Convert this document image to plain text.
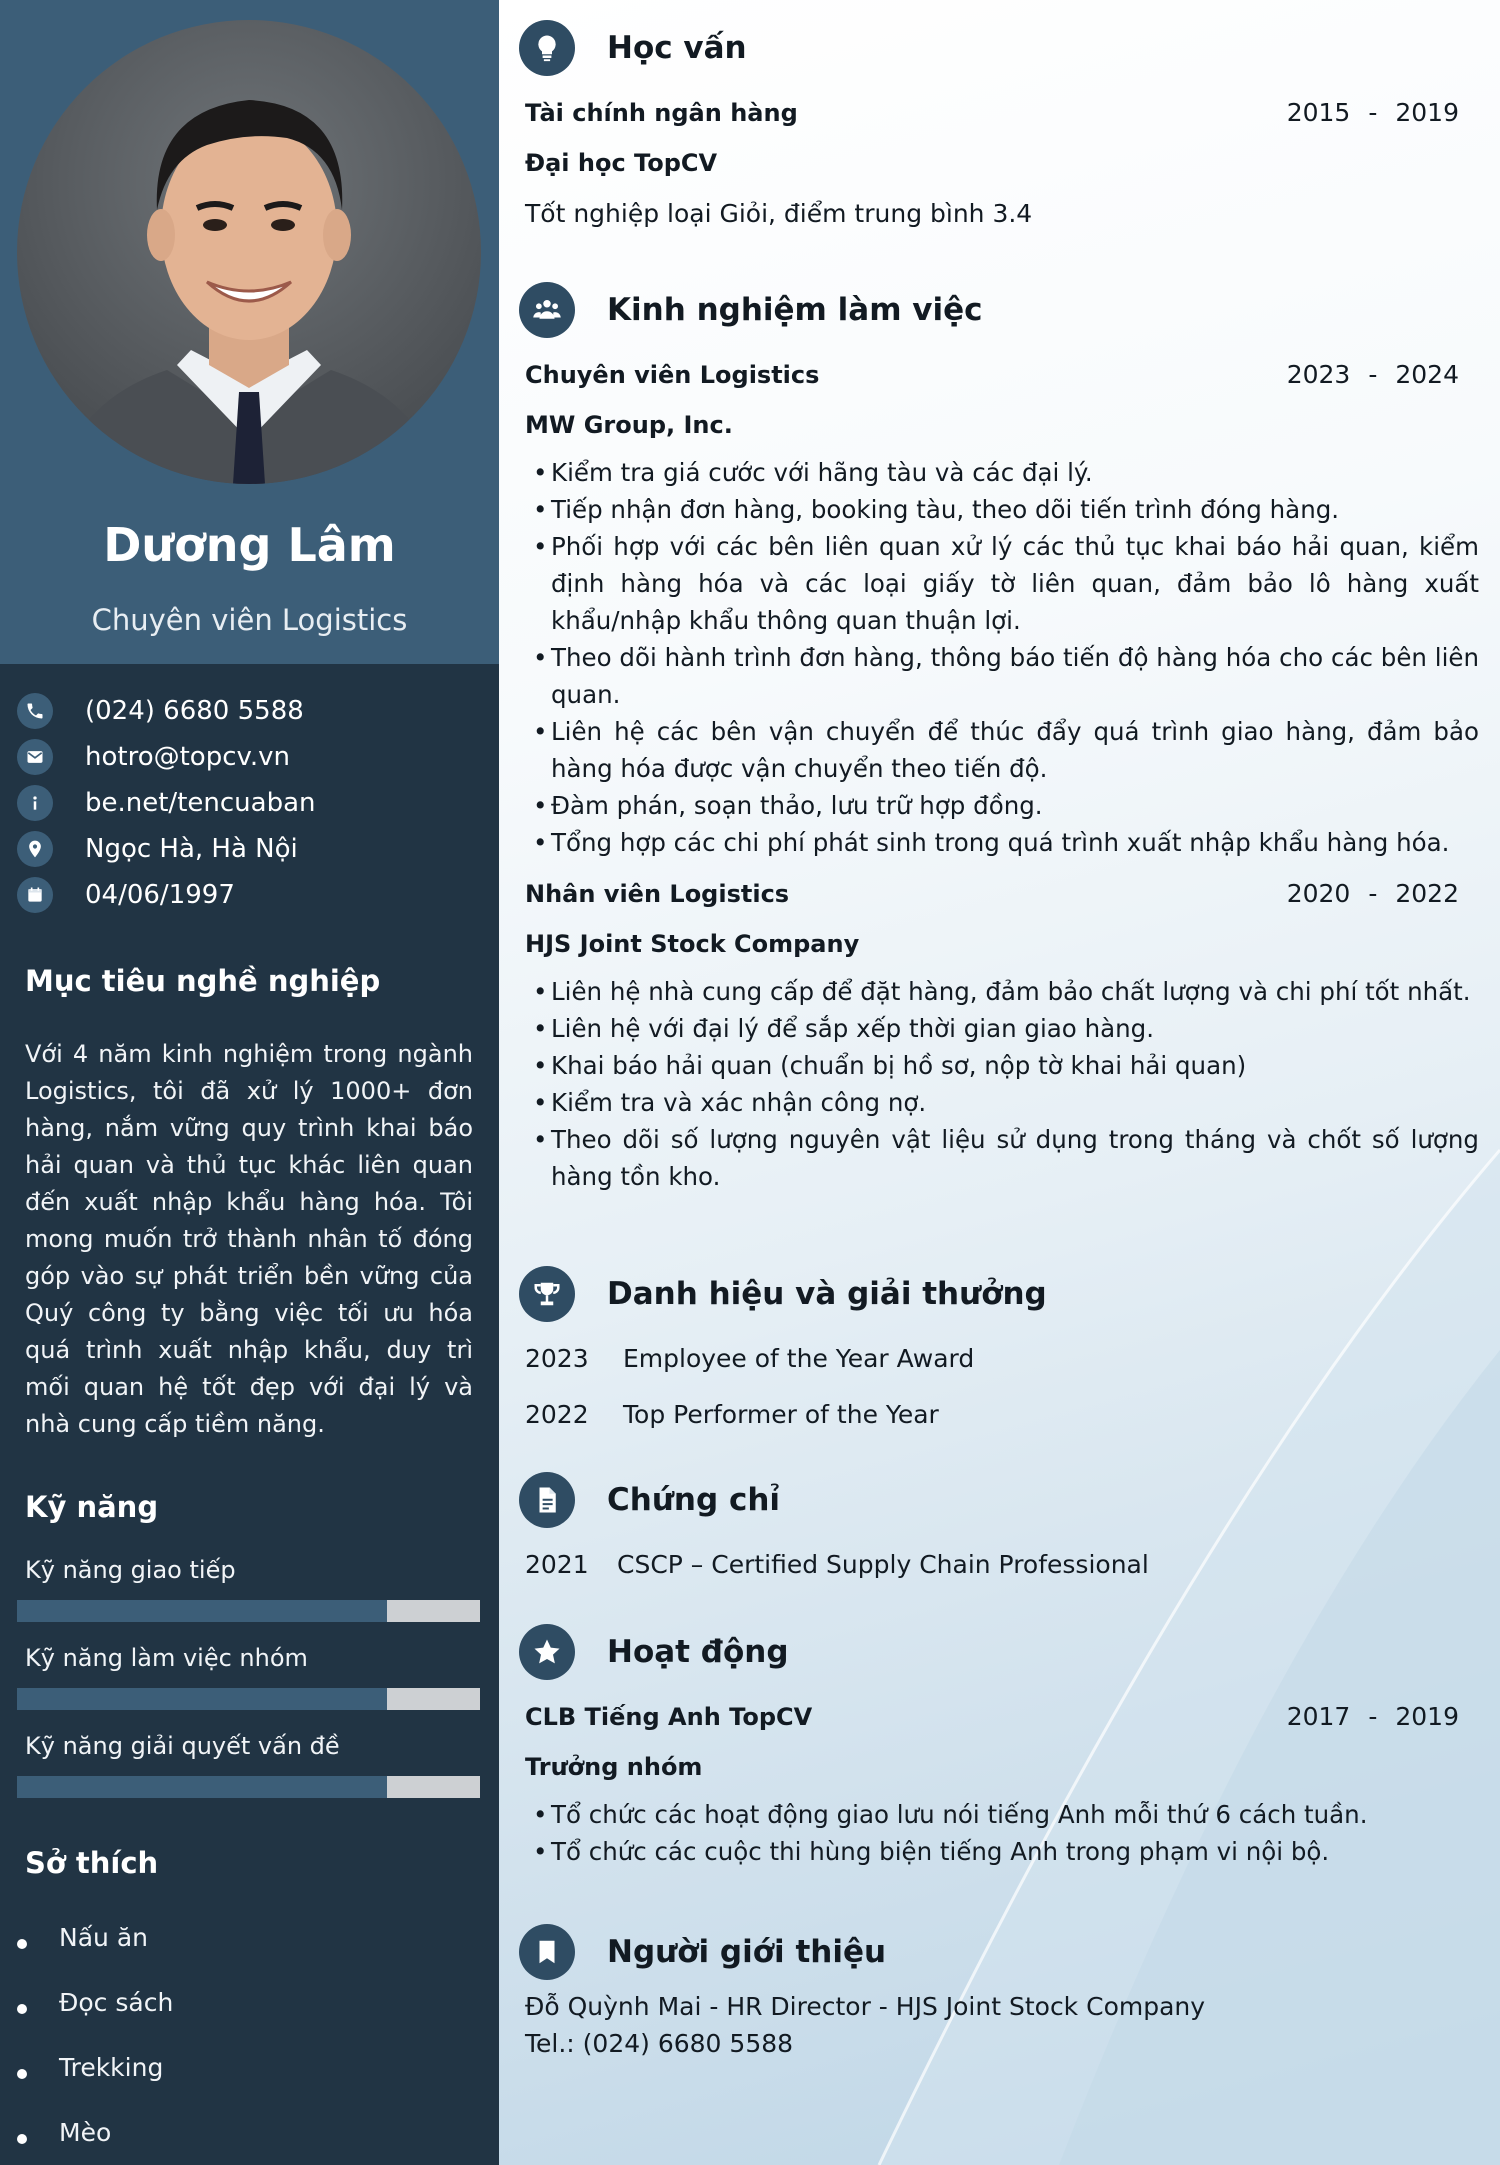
Dương Lâm
Chuyên viên Logistics
(024) 6680 5588
hotro@topcv.vn
be.net/tencuaban
Ngọc Hà, Hà Nội
04/06/1997
Mục tiêu nghề nghiệp
Với 4 năm kinh nghiệm trong ngành Logistics, tôi đã xử lý 1000+ đơn hàng, nắm vững quy trình khai báo hải quan và thủ tục khác liên quan đến xuất nhập khẩu hàng hóa. Tôi mong muốn trở thành nhân tố đóng góp vào sự phát triển bền vững của Quý công ty bằng việc tối ưu hóa quá trình xuất nhập khẩu, duy trì mối quan hệ tốt đẹp với đại lý và nhà cung cấp tiềm năng.
Kỹ năng
Kỹ năng giao tiếp
Kỹ năng làm việc nhóm
Kỹ năng giải quyết vấn đề
Sở thích
Nấu ăn
Đọc sách
Trekking
Mèo
Học vấn
Tài chính ngân hàng	2015 - 2019
Đại học TopCV
Tốt nghiệp loại Giỏi, điểm trung bình 3.4
Kinh nghiệm làm việc
Chuyên viên Logistics	2023 - 2024
MW Group, Inc.
• Kiểm tra giá cước với hãng tàu và các đại lý.
• Tiếp nhận đơn hàng, booking tàu, theo dõi tiến trình đóng hàng.
• Phối hợp với các bên liên quan xử lý các thủ tục khai báo hải quan, kiểm định hàng hóa và các loại giấy tờ liên quan, đảm bảo lô hàng xuất khẩu/nhập khẩu thông quan thuận lợi.
• Theo dõi hành trình đơn hàng, thông báo tiến độ hàng hóa cho các bên liên quan.
• Liên hệ các bên vận chuyển để thúc đẩy quá trình giao hàng, đảm bảo hàng hóa được vận chuyển theo tiến độ.
• Đàm phán, soạn thảo, lưu trữ hợp đồng.
• Tổng hợp các chi phí phát sinh trong quá trình xuất nhập khẩu hàng hóa.
Nhân viên Logistics	2020 - 2022
HJS Joint Stock Company
• Liên hệ nhà cung cấp để đặt hàng, đảm bảo chất lượng và chi phí tốt nhất.
• Liên hệ với đại lý để sắp xếp thời gian giao hàng.
• Khai báo hải quan (chuẩn bị hồ sơ, nộp tờ khai hải quan)
• Kiểm tra và xác nhận công nợ.
• Theo dõi số lượng nguyên vật liệu sử dụng trong tháng và chốt số lượng hàng tồn kho.
Danh hiệu và giải thưởng
2023	Employee of the Year Award
2022	Top Performer of the Year
Chứng chỉ
2021	CSCP – Certified Supply Chain Professional
Hoạt động
CLB Tiếng Anh TopCV	2017 - 2019
Trưởng nhóm
• Tổ chức các hoạt động giao lưu nói tiếng Anh mỗi thứ 6 cách tuần.
• Tổ chức các cuộc thi hùng biện tiếng Anh trong phạm vi nội bộ.
Người giới thiệu
Đỗ Quỳnh Mai - HR Director - HJS Joint Stock Company
Tel.: (024) 6680 5588
